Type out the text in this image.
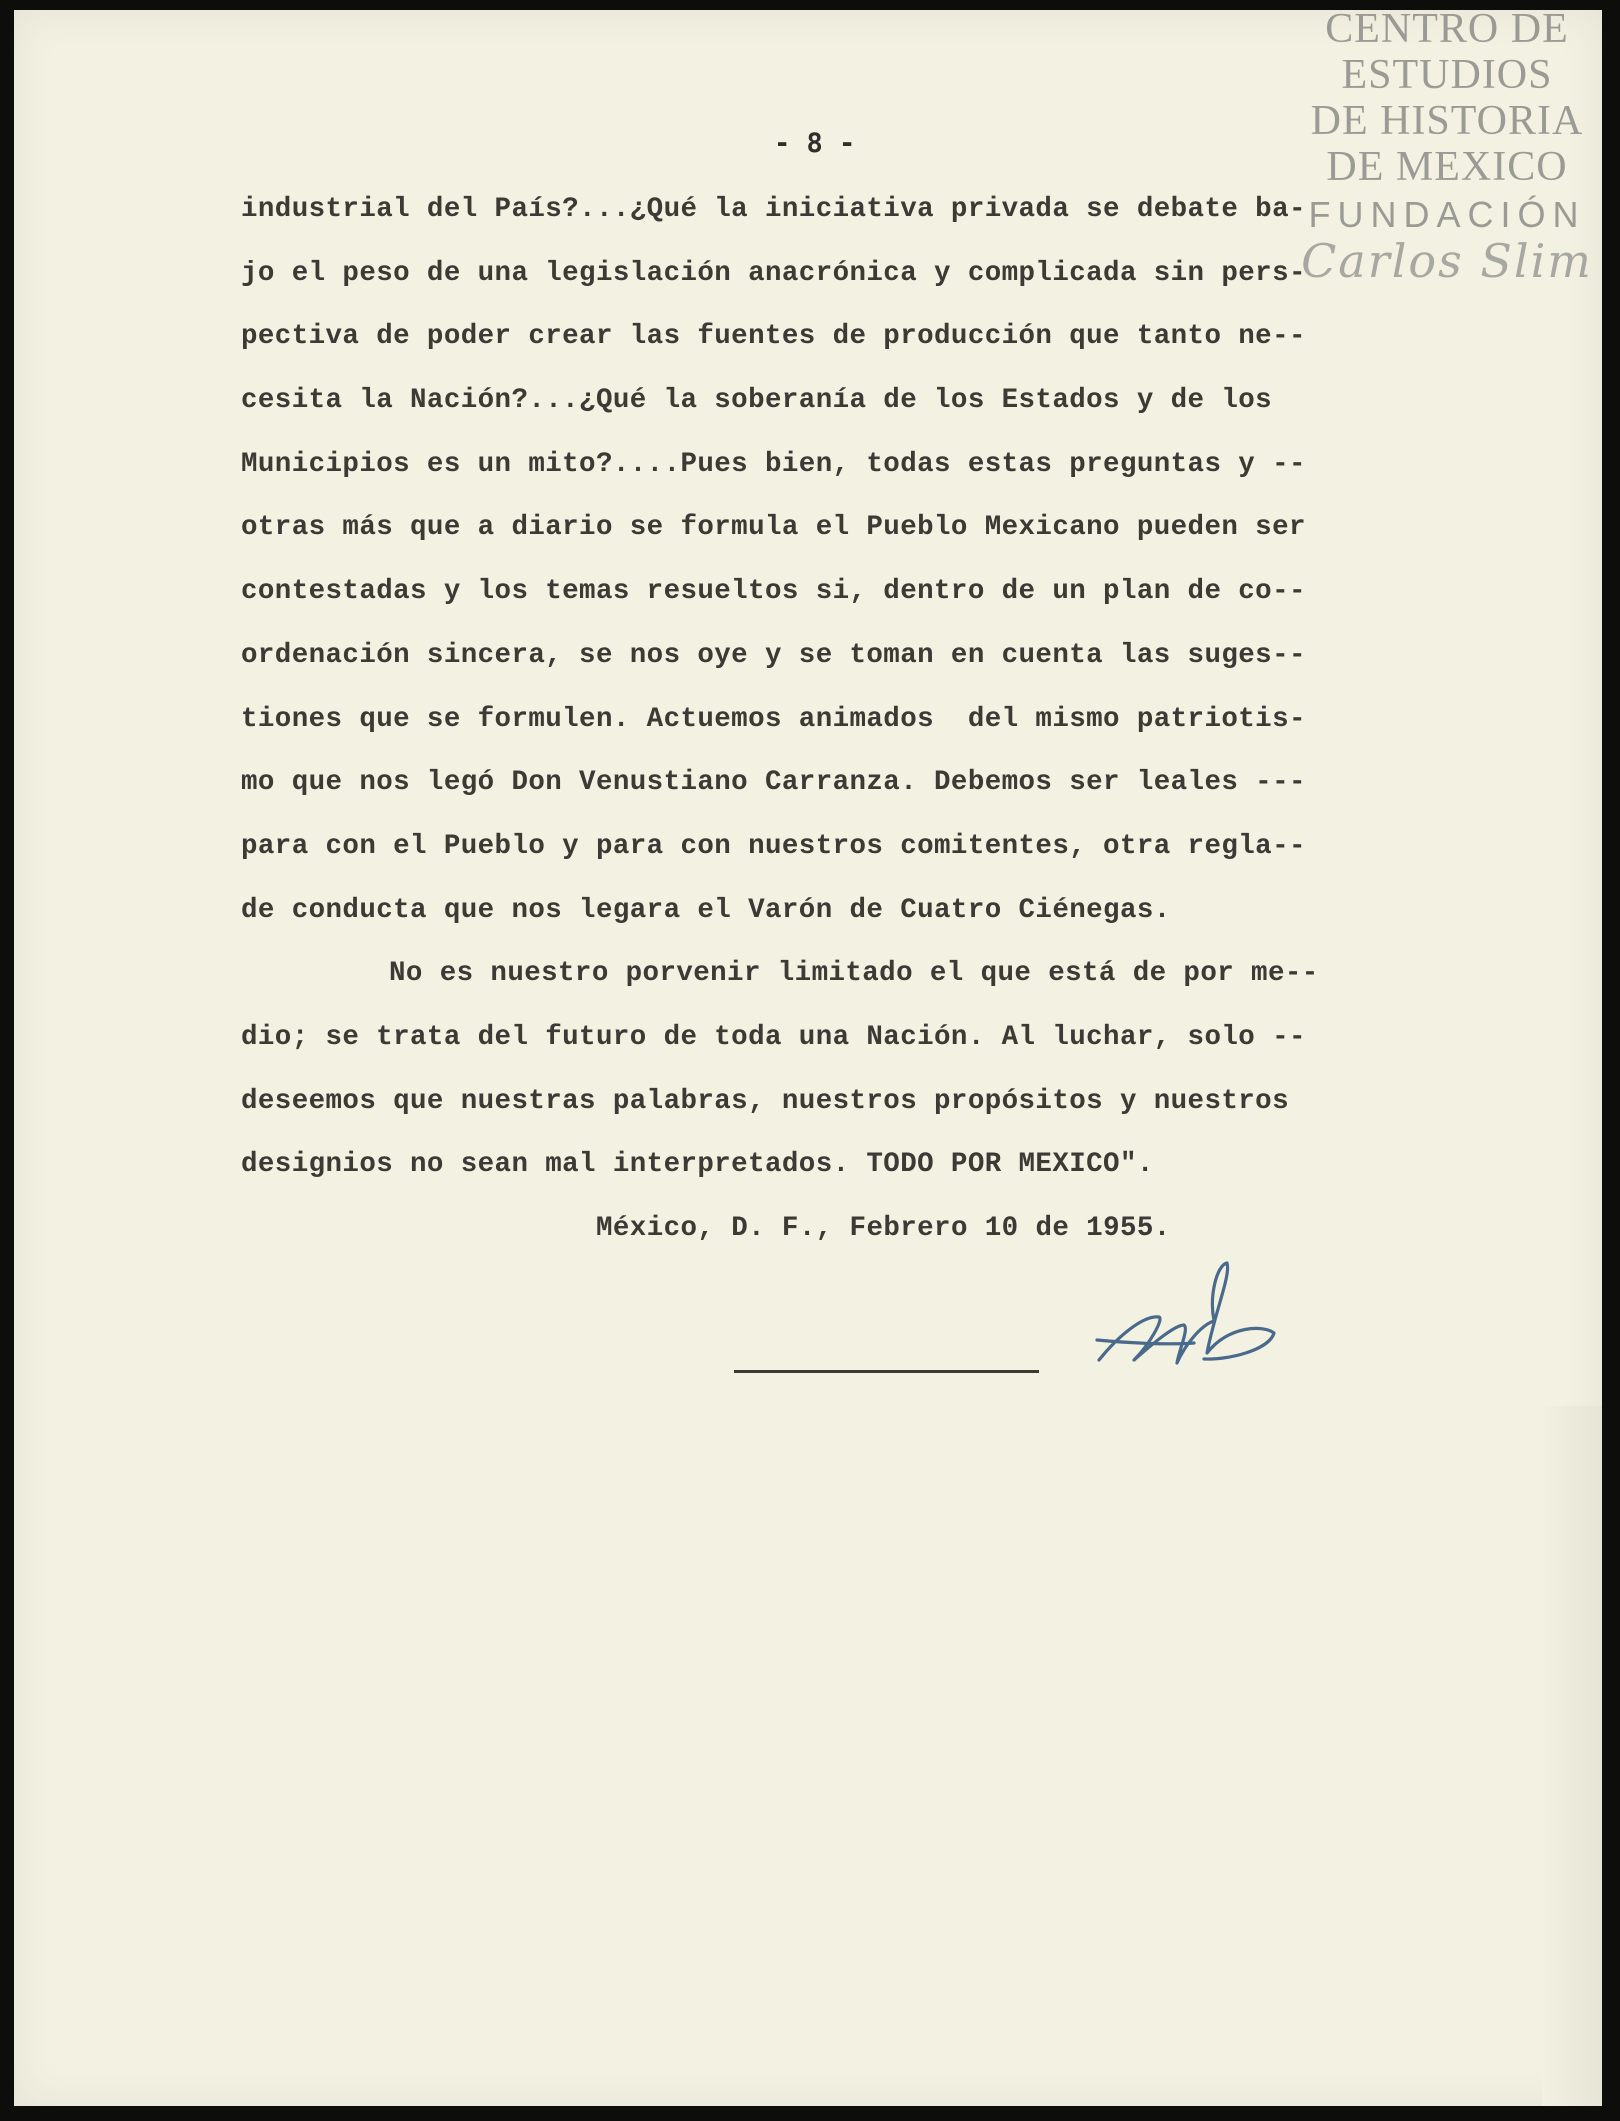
- 8 -
industrial del País?...¿Qué la iniciativa privada se debate ba-
jo el peso de una legislación anacrónica y complicada sin pers-
pectiva de poder crear las fuentes de producción que tanto ne--
cesita la Nación?...¿Qué la soberanía de los Estados y de los
Municipios es un mito?....Pues bien, todas estas preguntas y --
otras más que a diario se formula el Pueblo Mexicano pueden ser
contestadas y los temas resueltos si, dentro de un plan de co--
ordenación sincera, se nos oye y se toman en cuenta las suges--
tiones que se formulen. Actuemos animados  del mismo patriotis-
mo que nos legó Don Venustiano Carranza. Debemos ser leales ---
para con el Pueblo y para con nuestros comitentes, otra regla--
de conducta que nos legara el Varón de Cuatro Ciénegas.
No es nuestro porvenir limitado el que está de por me--
dio; se trata del futuro de toda una Nación. Al luchar, solo --
deseemos que nuestras palabras, nuestros propósitos y nuestros
designios no sean mal interpretados. TODO POR MEXICO".
México, D. F., Febrero 10 de 1955.
CENTRO DE
ESTUDIOS
DE HISTORIA
DE MEXICO
FUNDACIÓN
Carlos Slim
